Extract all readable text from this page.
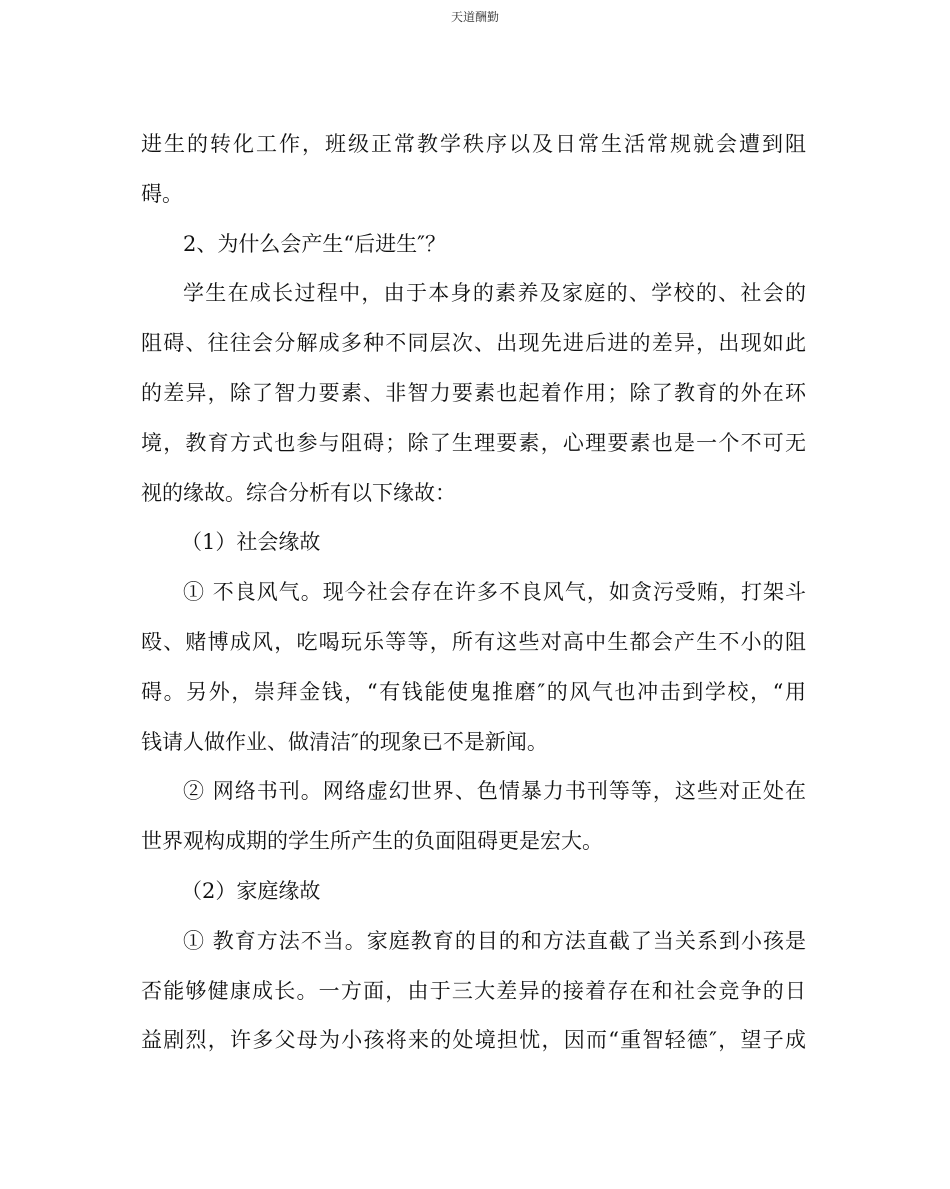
天道酬勤
进生的转化工作，班级正常教学秩序以及日常生活常规就会遭到阻
碍。
2、为什么会产生“后进生″？
学生在成长过程中，由于本身的素养及家庭的、学校的、社会的
阻碍、往往会分解成多种不同层次、出现先进后进的差异，出现如此
的差异，除了智力要素、非智力要素也起着作用；除了教育的外在环
境，教育方式也参与阻碍；除了生理要素，心理要素也是一个不可无
视的缘故。综合分析有以下缘故：
（1）社会缘故
① 不良风气。现今社会存在许多不良风气，如贪污受贿，打架斗
殴、赌博成风，吃喝玩乐等等，所有这些对高中生都会产生不小的阻
碍。另外，崇拜金钱，“有钱能使鬼推磨″的风气也冲击到学校，“用
钱请人做作业、做清洁″的现象已不是新闻。
② 网络书刊。网络虚幻世界、色情暴力书刊等等，这些对正处在
世界观构成期的学生所产生的负面阻碍更是宏大。
（2）家庭缘故
① 教育方法不当。家庭教育的目的和方法直截了当关系到小孩是
否能够健康成长。一方面，由于三大差异的接着存在和社会竞争的日
益剧烈，许多父母为小孩将来的处境担忧，因而“重智轻德″，望子成
